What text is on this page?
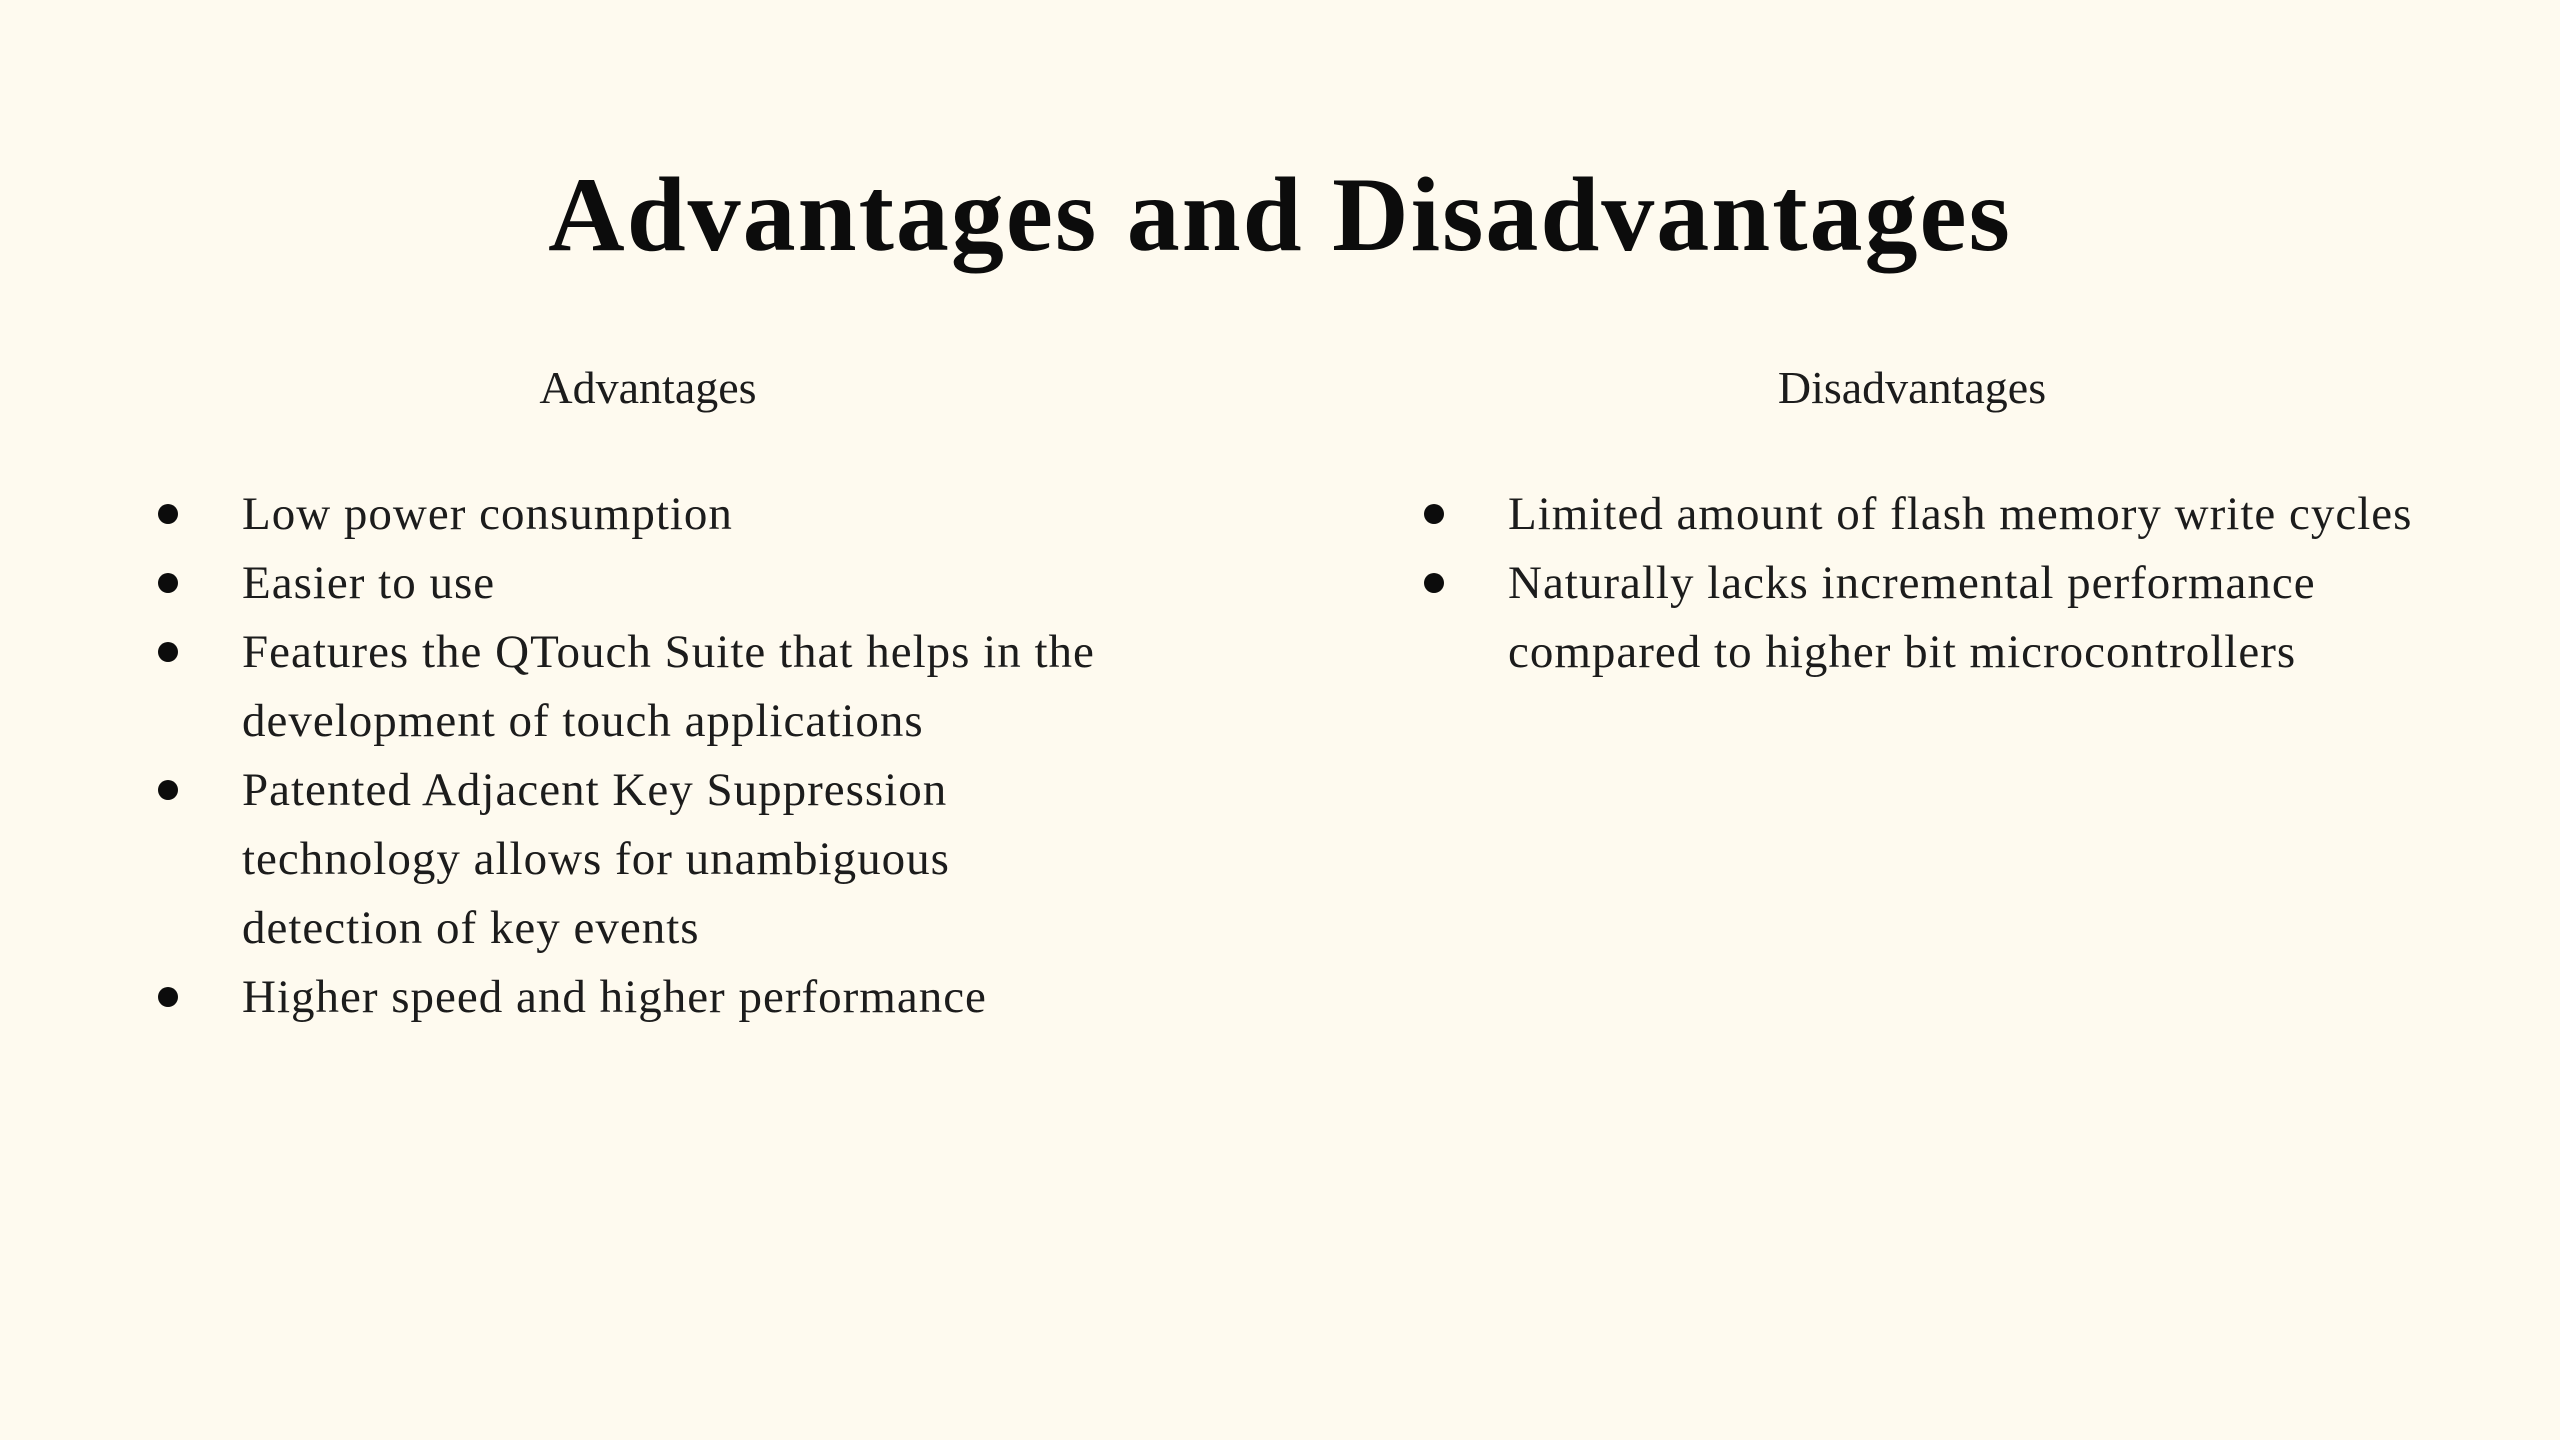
Advantages and Disadvantages
Advantages	Disadvantages
Low power consumption
Easier to use
Features the QTouch Suite that helps in the development of touch applications
Patented Adjacent Key Suppression technology allows for unambiguous detection of key events
Higher speed and higher performance
Limited amount of flash memory write cycles
Naturally lacks incremental performance compared to higher bit microcontrollers
